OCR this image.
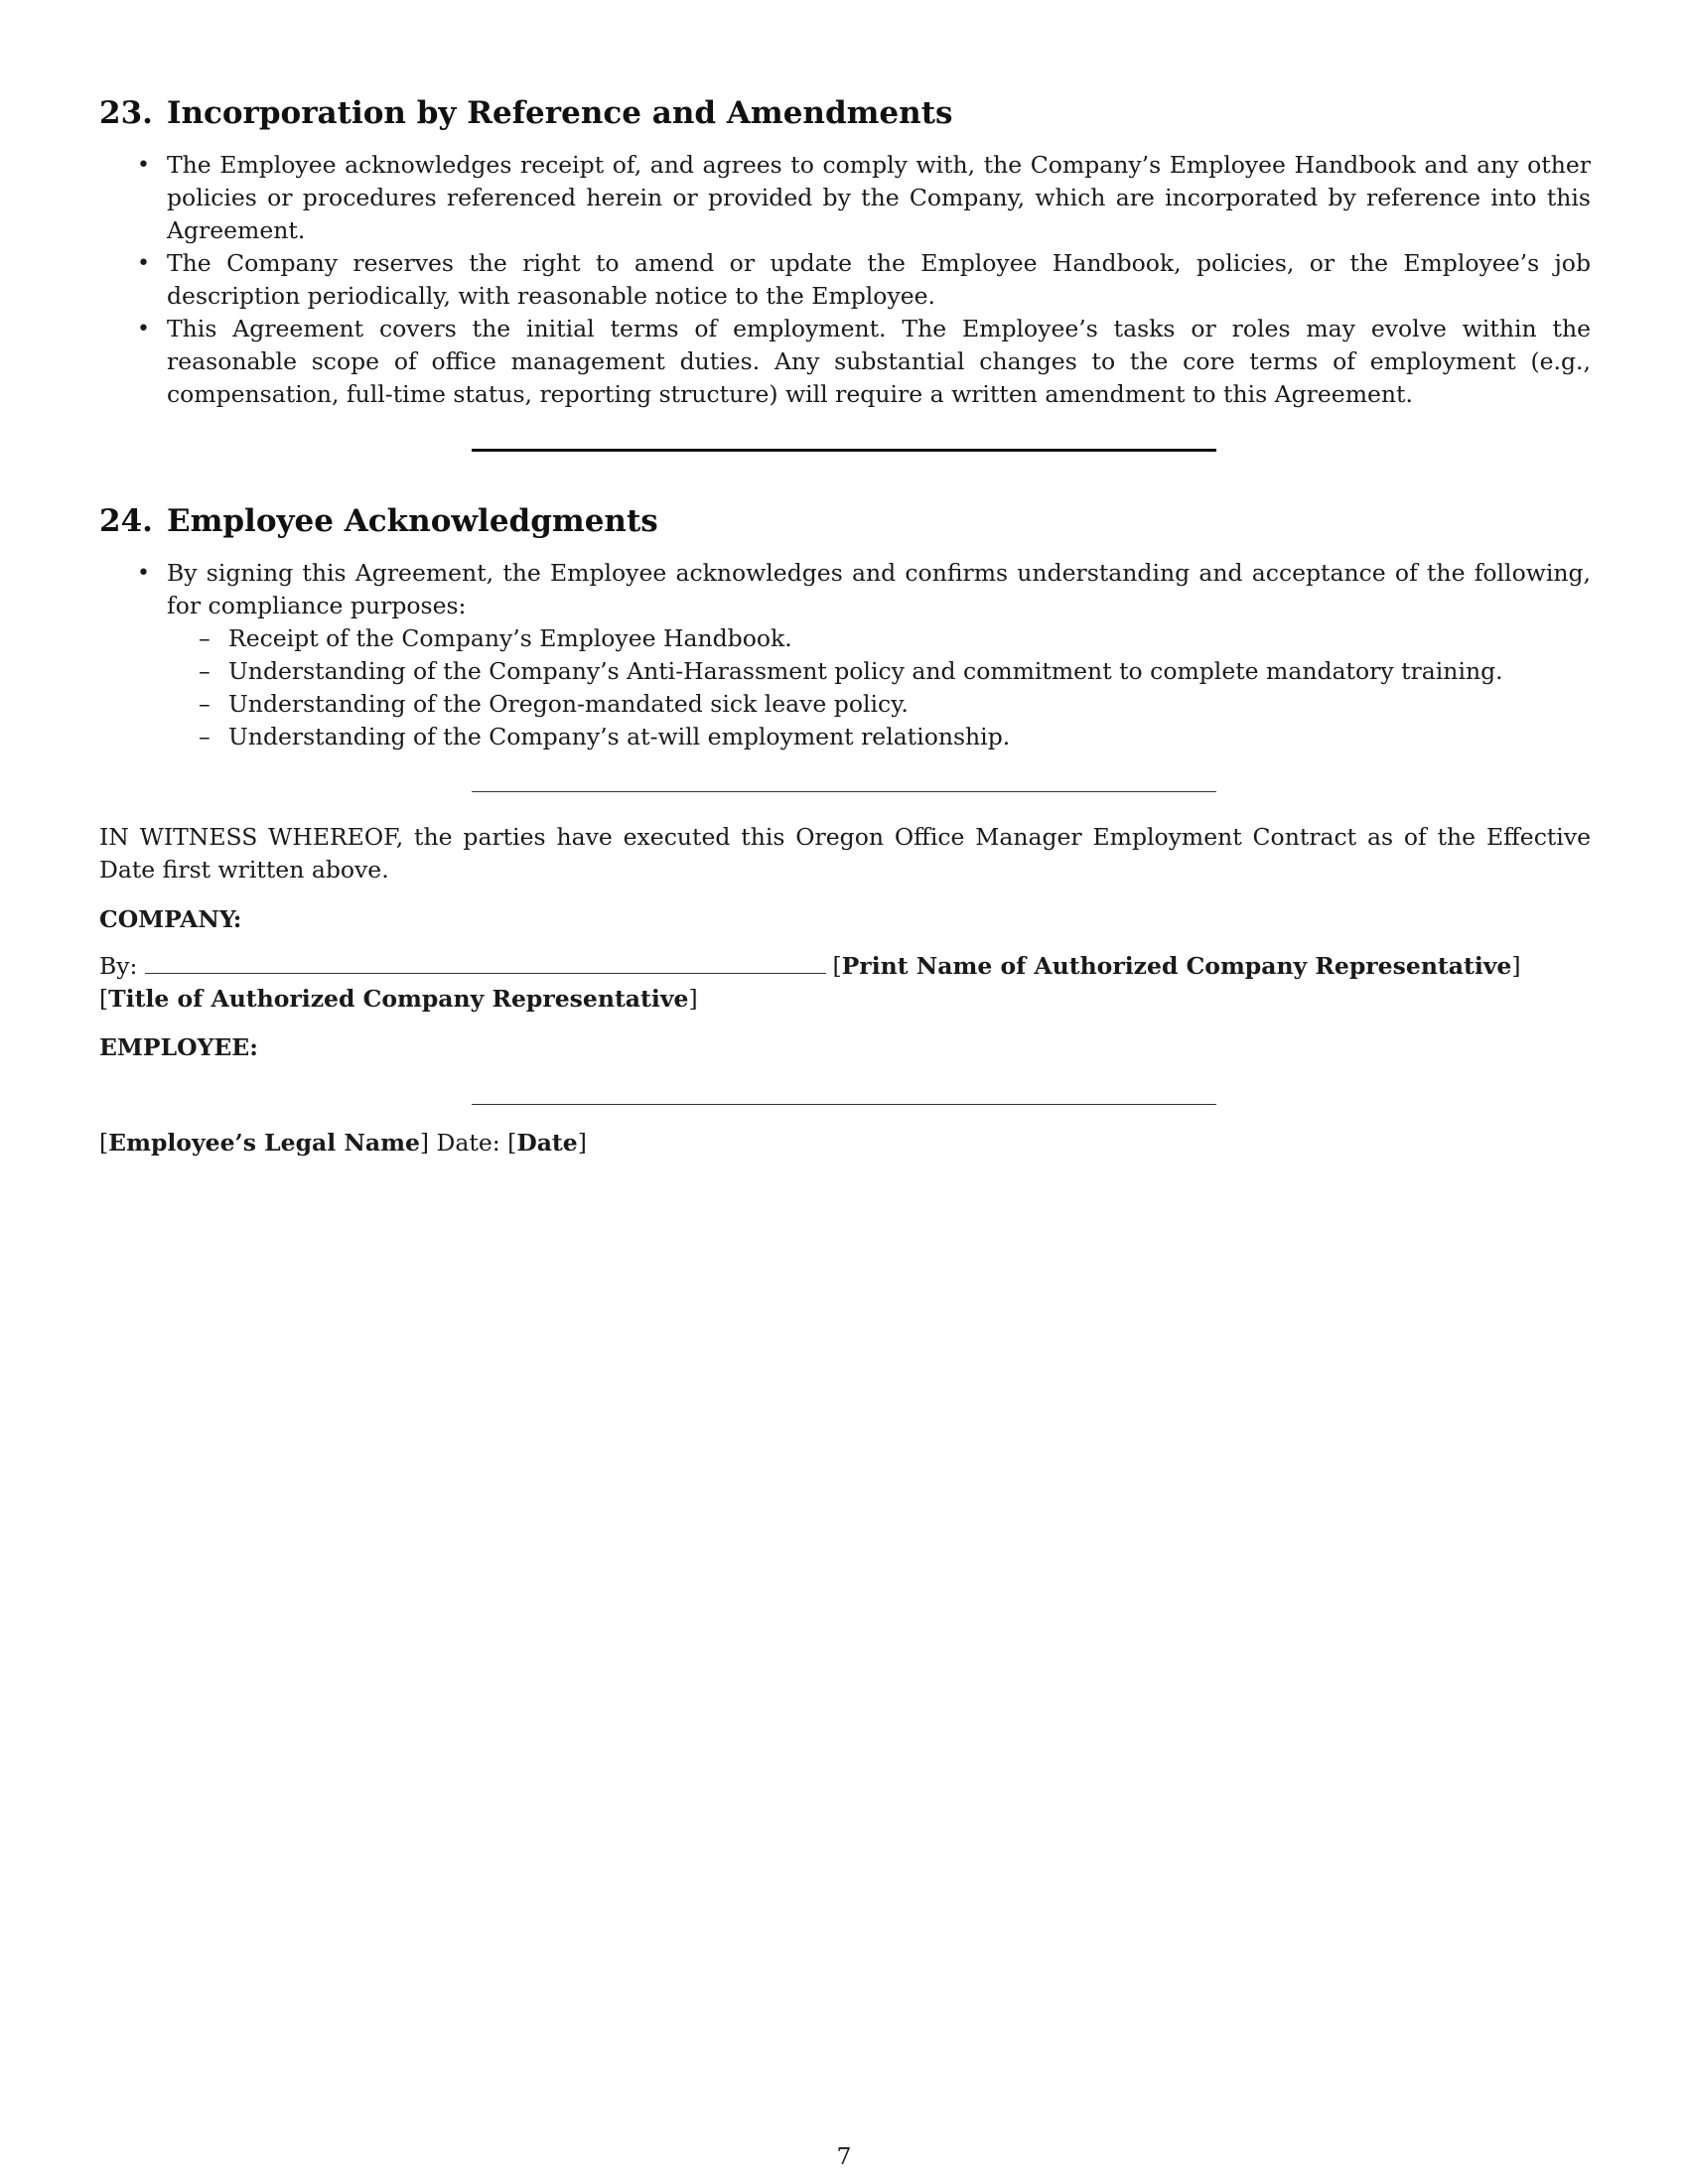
23. Incorporation by Reference and Amendments
• The Employee acknowledges receipt of, and agrees to comply with, the Company’s Employee Handbook and any other policies or procedures referenced herein or provided by the Company, which are incorporated by reference into this Agreement.
• The Company reserves the right to amend or update the Employee Handbook, policies, or the Employee’s job description periodically, with reasonable notice to the Employee.
• This Agreement covers the initial terms of employment. The Employee’s tasks or roles may evolve within the reasonable scope of office management duties. Any substantial changes to the core terms of employment (e.g., compensation, full-time status, reporting structure) will require a written amendment to this Agreement.
24. Employee Acknowledgments
• By signing this Agreement, the Employee acknowledges and confirms understanding and acceptance of the following, for compliance purposes:
– Receipt of the Company’s Employee Handbook.
– Understanding of the Company’s Anti-Harassment policy and commitment to complete mandatory training.
– Understanding of the Oregon-mandated sick leave policy.
– Understanding of the Company’s at-will employment relationship.

IN WITNESS WHEREOF, the parties have executed this Oregon Office Manager Employment Contract as of the Effective Date first written above.

COMPANY:
By:	[Print Name of Authorized Company Representative]
[Title of Authorized Company Representative]
EMPLOYEE:
[Employee’s Legal Name] Date: [Date]
7
